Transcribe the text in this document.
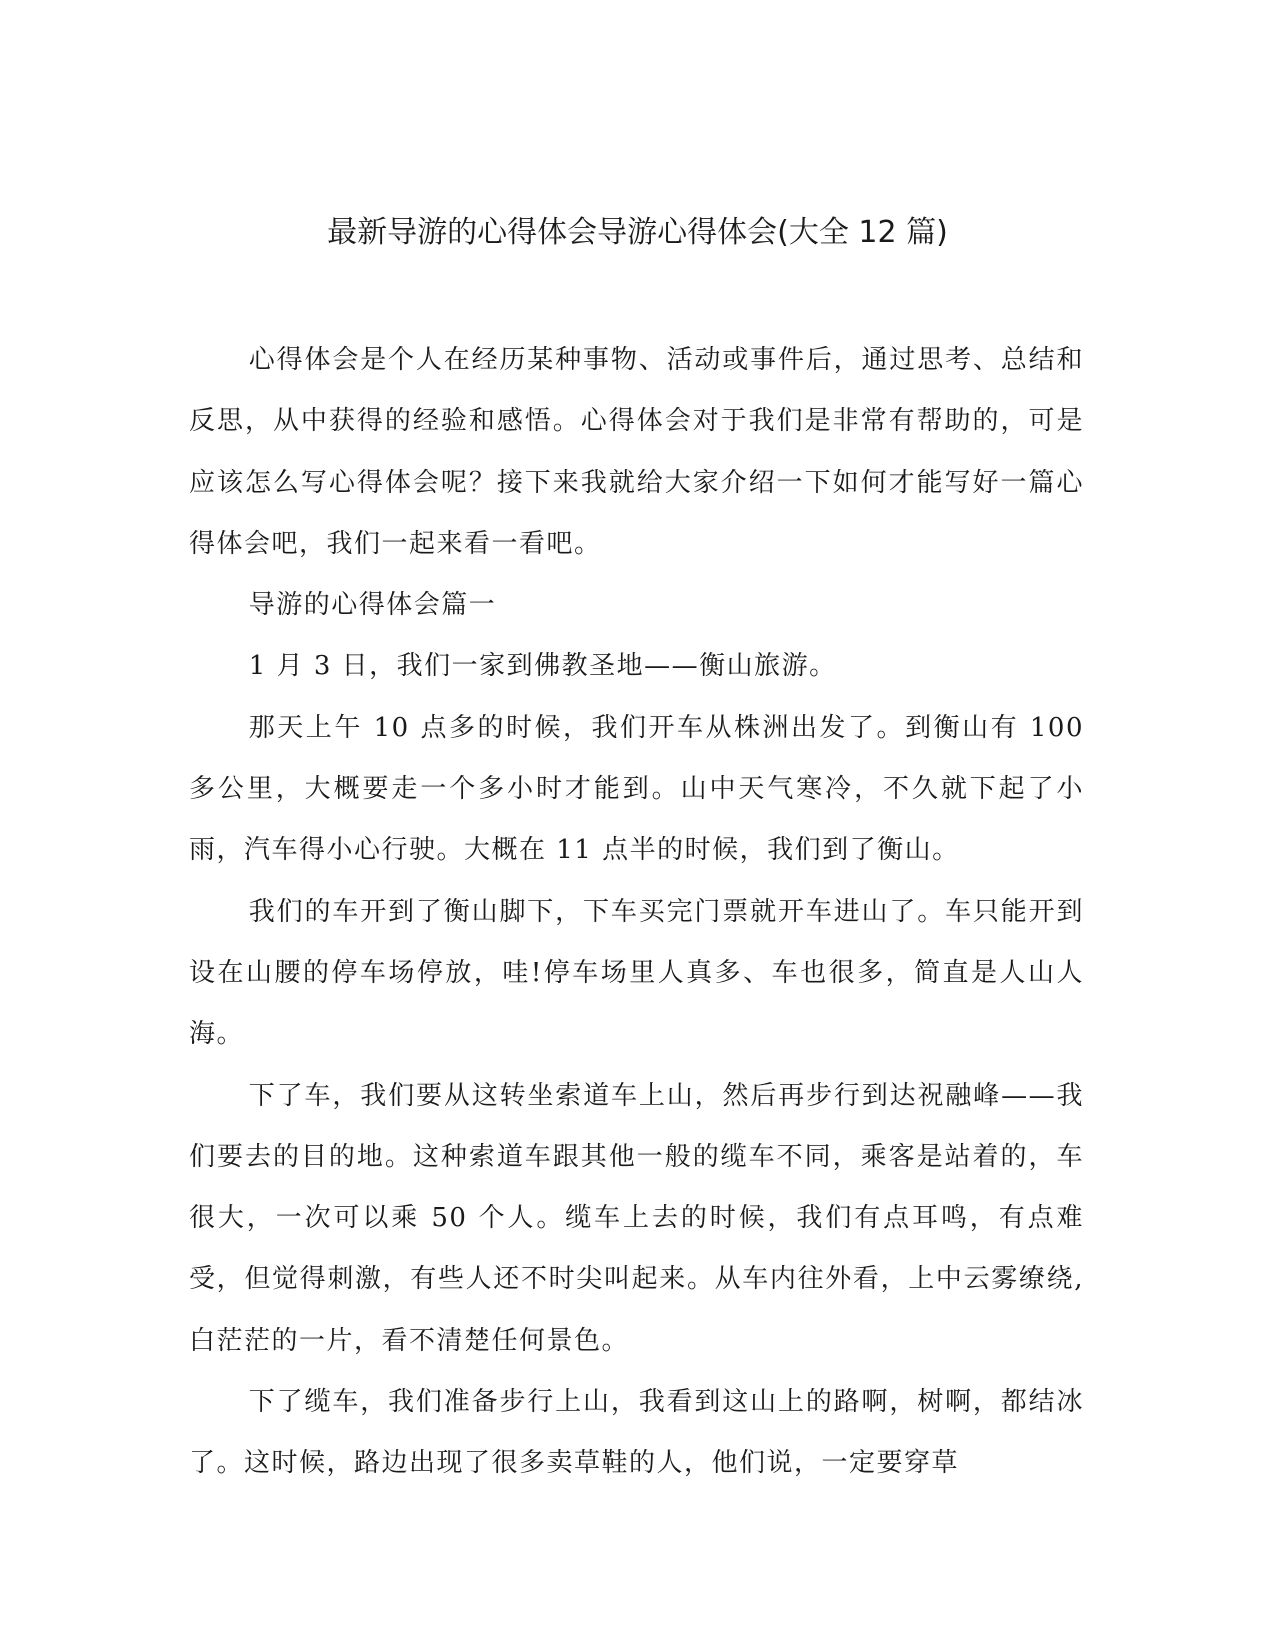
最新导游的心得体会导游心得体会(大全 12 篇)

心得体会是个人在经历某种事物、活动或事件后，通过思考、总结和反思，从中获得的经验和感悟。心得体会对于我们是非常有帮助的，可是应该怎么写心得体会呢？接下来我就给大家介绍一下如何才能写好一篇心得体会吧，我们一起来看一看吧。

导游的心得体会篇一

1 月 3 日，我们一家到佛教圣地——衡山旅游。

那天上午 10 点多的时候，我们开车从株洲出发了。到衡山有 100 多公里，大概要走一个多小时才能到。山中天气寒冷，不久就下起了小雨，汽车得小心行驶。大概在 11 点半的时候，我们到了衡山。

我们的车开到了衡山脚下，下车买完门票就开车进山了。车只能开到设在山腰的停车场停放，哇!停车场里人真多、车也很多，简直是人山人海。

下了车，我们要从这转坐索道车上山，然后再步行到达祝融峰——我们要去的目的地。这种索道车跟其他一般的缆车不同，乘客是站着的，车很大，一次可以乘 50 个人。缆车上去的时候，我们有点耳鸣，有点难受，但觉得刺激，有些人还不时尖叫起来。从车内往外看，上中云雾缭绕,白茫茫的一片，看不清楚任何景色。

下了缆车，我们准备步行上山，我看到这山上的路啊，树啊，都结冰了。这时候，路边出现了很多卖草鞋的人，他们说，一定要穿草
